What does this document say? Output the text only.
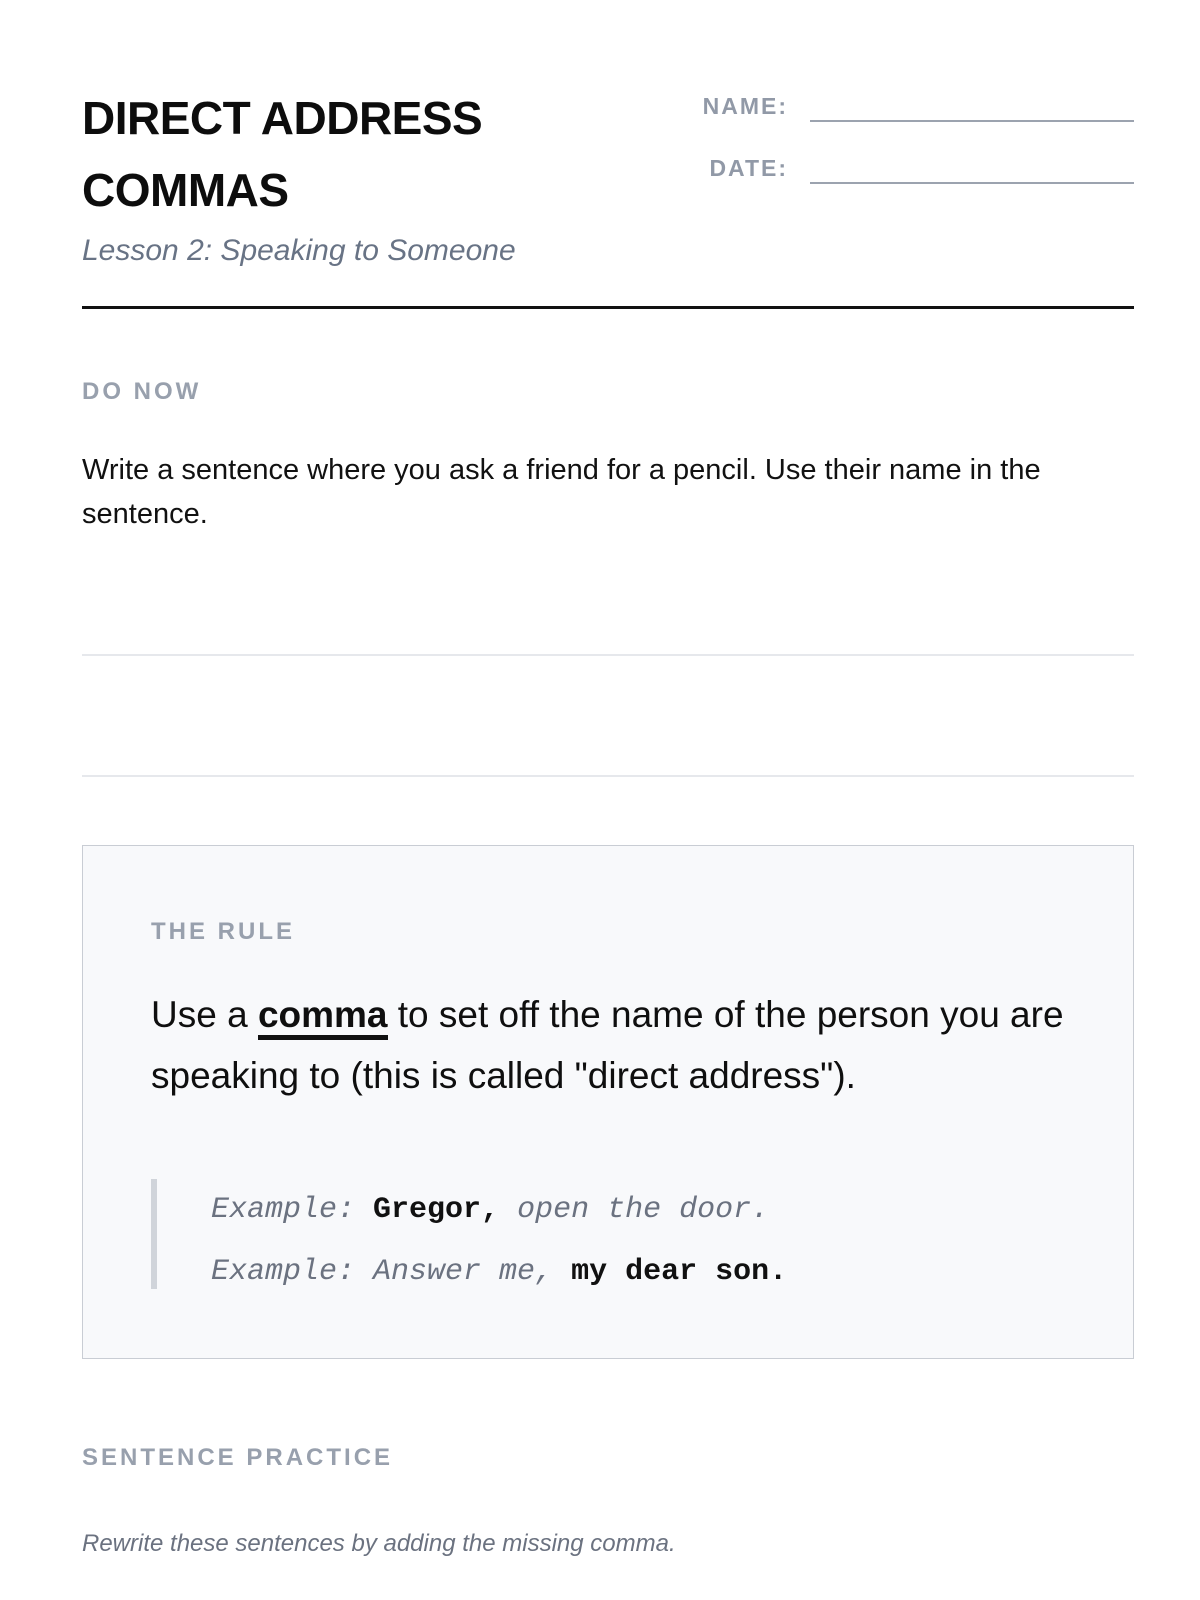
DIRECT ADDRESS
COMMAS
Lesson 2: Speaking to Someone
NAME:
DATE:
DO NOW
Write a sentence where you ask a friend for a pencil. Use their name in the sentence.
THE RULE
Use a comma to set off the name of the person you are speaking to (this is called "direct address").
Example: Gregor, open the door.
Example: Answer me, my dear son.
SENTENCE PRACTICE
Rewrite these sentences by adding the missing comma.
